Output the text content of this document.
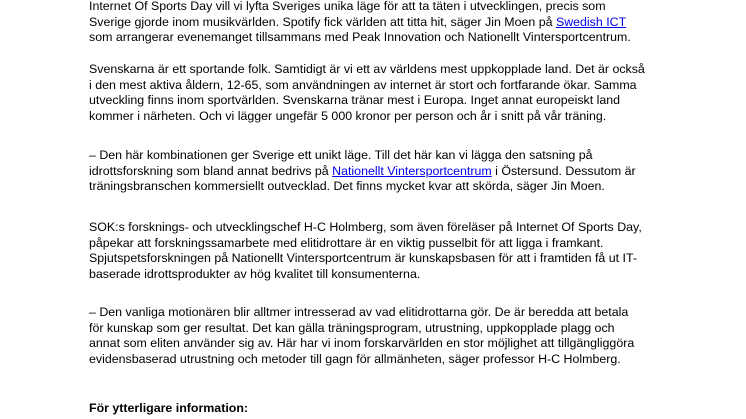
Internet Of Sports Day vill vi lyfta Sveriges unika läge för att ta täten i utvecklingen, precis som
Sverige gjorde inom musikvärlden. Spotify fick världen att titta hit, säger Jin Moen på Swedish ICT
som arrangerar evenemanget tillsammans med Peak Innovation och Nationellt Vintersportcentrum.

Svenskarna är ett sportande folk. Samtidigt är vi ett av världens mest uppkopplade land. Det är också
i den mest aktiva åldern, 12-65, som användningen av internet är stort och fortfarande ökar. Samma
utveckling finns inom sportvärlden. Svenskarna tränar mest i Europa. Inget annat europeiskt land
kommer i närheten. Och vi lägger ungefär 5 000 kronor per person och år i snitt på vår träning.

– Den här kombinationen ger Sverige ett unikt läge. Till det här kan vi lägga den satsning på
idrottsforskning som bland annat bedrivs på Nationellt Vintersportcentrum i Östersund. Dessutom är
träningsbranschen kommersiellt outvecklad. Det finns mycket kvar att skörda, säger Jin Moen.

SOK:s forsknings- och utvecklingschef H-C Holmberg, som även föreläser på Internet Of Sports Day,
påpekar att forskningssamarbete med elitidrottare är en viktig pusselbit för att ligga i framkant.
Spjutspetsforskningen på Nationellt Vintersportcentrum är kunskapsbasen för att i framtiden få ut IT-
baserade idrottsprodukter av hög kvalitet till konsumenterna.

– Den vanliga motionären blir alltmer intresserad av vad elitidrottarna gör. De är beredda att betala
för kunskap som ger resultat. Det kan gälla träningsprogram, utrustning, uppkopplade plagg och
annat som eliten använder sig av. Här har vi inom forskarvärlden en stor möjlighet att tillgängliggöra
evidensbaserad utrustning och metoder till gagn för allmänheten, säger professor H-C Holmberg.

För ytterligare information:
